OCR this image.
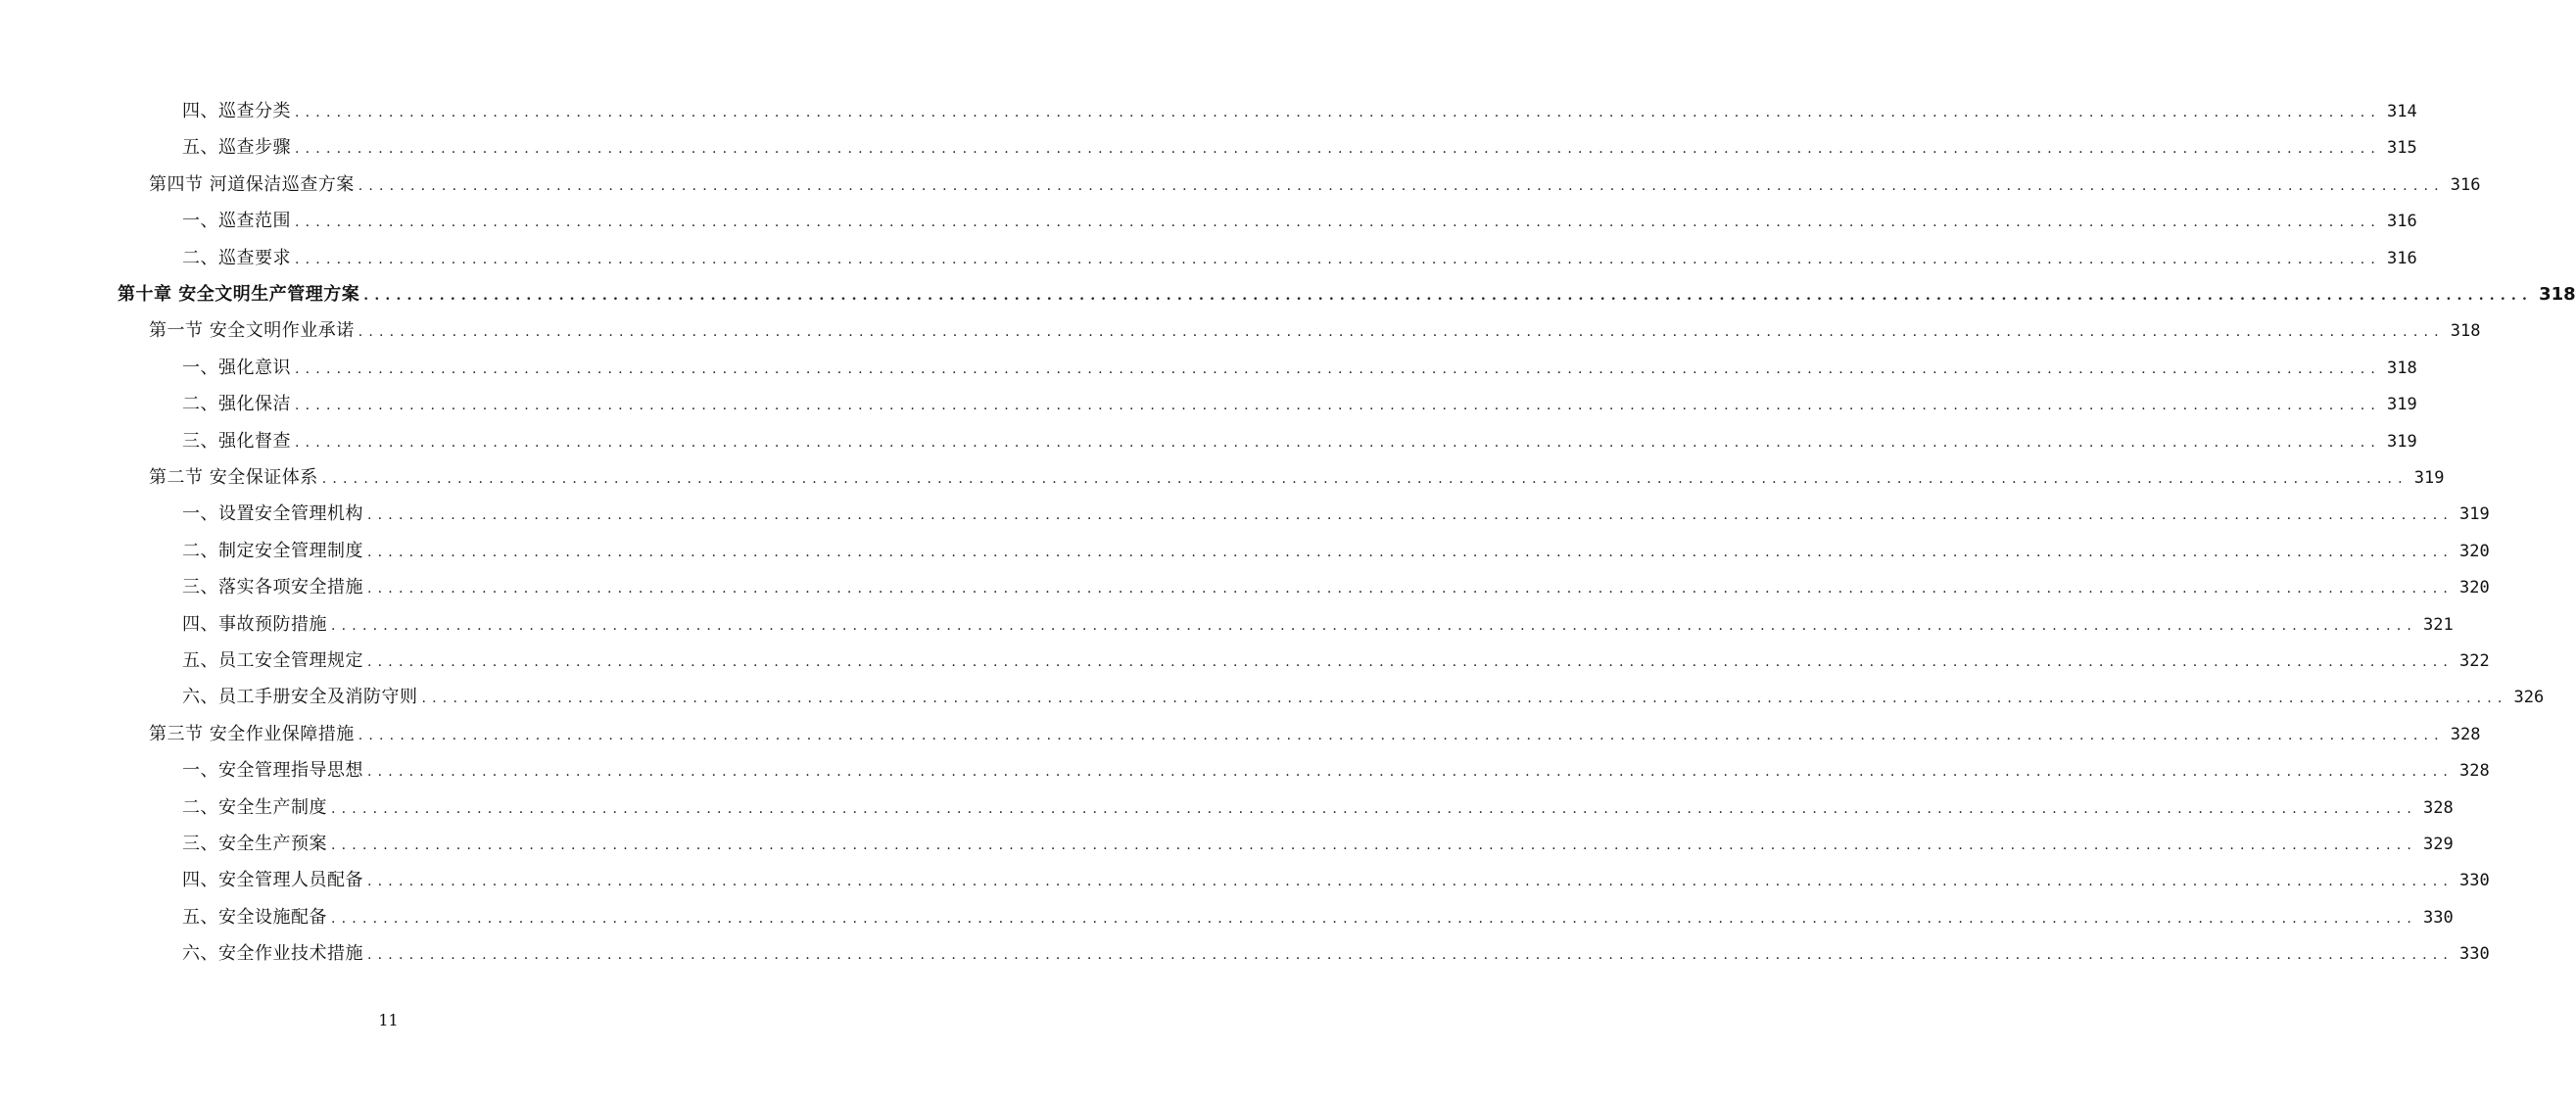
四、巡查分类 ........................................................................................................................................................................................................ 314
五、巡查步骤 ........................................................................................................................................................................................................ 315
第四节 河道保洁巡查方案 ........................................................................................................................................................................................................ 316
一、巡查范围 ........................................................................................................................................................................................................ 316
二、巡查要求 ........................................................................................................................................................................................................ 316
第十章 安全文明生产管理方案 ........................................................................................................................................................................................................ 318
第一节 安全文明作业承诺 ........................................................................................................................................................................................................ 318
一、强化意识 ........................................................................................................................................................................................................ 318
二、强化保洁 ........................................................................................................................................................................................................ 319
三、强化督查 ........................................................................................................................................................................................................ 319
第二节 安全保证体系 ........................................................................................................................................................................................................ 319
一、设置安全管理机构 ........................................................................................................................................................................................................ 319
二、制定安全管理制度 ........................................................................................................................................................................................................ 320
三、落实各项安全措施 ........................................................................................................................................................................................................ 320
四、事故预防措施 ........................................................................................................................................................................................................ 321
五、员工安全管理规定 ........................................................................................................................................................................................................ 322
六、员工手册安全及消防守则 ........................................................................................................................................................................................................ 326
第三节 安全作业保障措施 ........................................................................................................................................................................................................ 328
一、安全管理指导思想 ........................................................................................................................................................................................................ 328
二、安全生产制度 ........................................................................................................................................................................................................ 328
三、安全生产预案 ........................................................................................................................................................................................................ 329
四、安全管理人员配备 ........................................................................................................................................................................................................ 330
五、安全设施配备 ........................................................................................................................................................................................................ 330
六、安全作业技术措施 ........................................................................................................................................................................................................ 330
11
